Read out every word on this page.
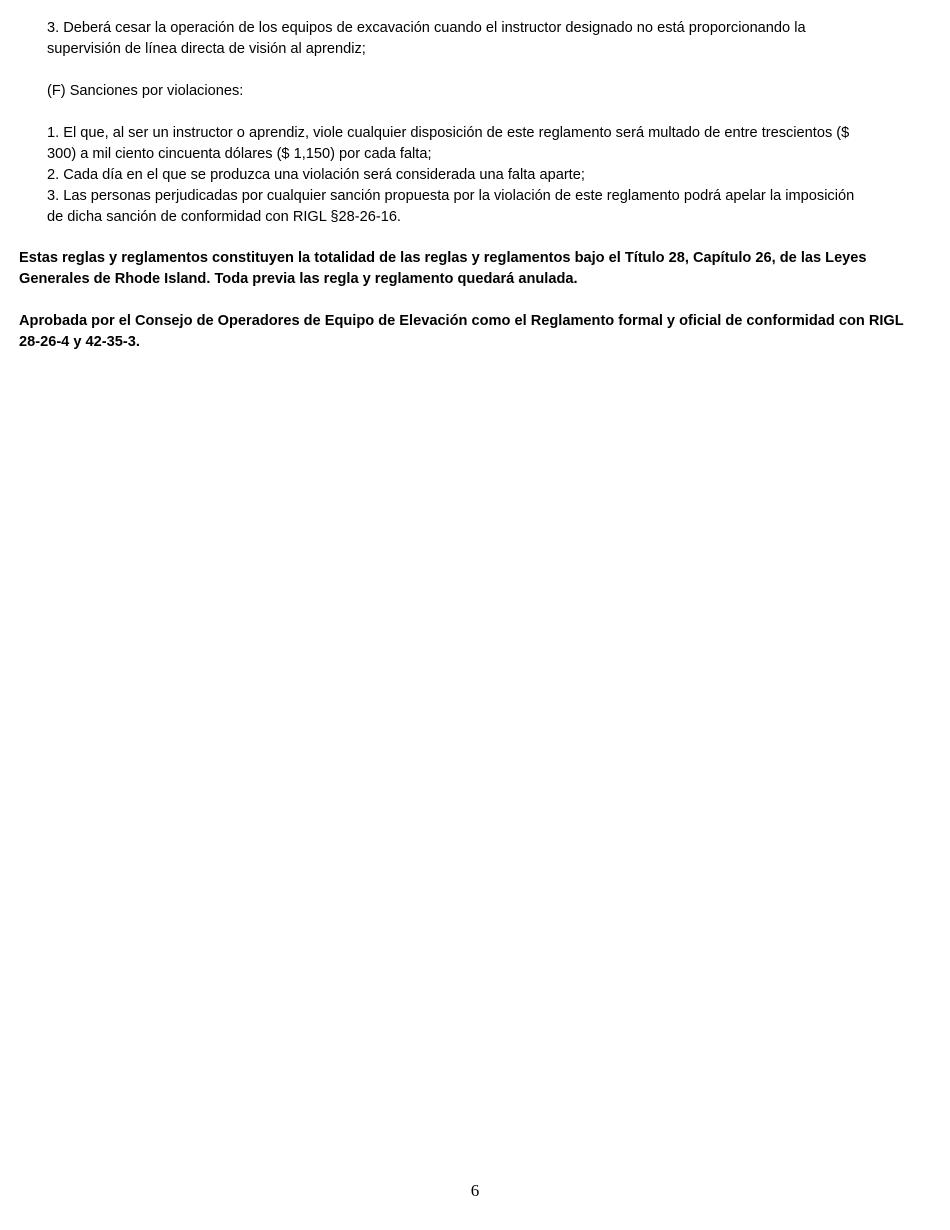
3. Deberá cesar la operación de los equipos de excavación cuando el instructor designado no está proporcionando la
supervisión de línea directa de visión al aprendiz;

(F) Sanciones por violaciones:

1. El que, al ser un instructor o aprendiz, viole cualquier disposición de este reglamento será multado de entre trescientos ($
300) a mil ciento cincuenta dólares ($ 1,150) por cada falta;

2. Cada día en el que se produzca una violación será considerada una falta aparte;

3. Las personas perjudicadas por cualquier sanción propuesta por la violación de este reglamento podrá apelar la imposición
de dicha sanción de conformidad con RIGL §28-26-16.

Estas reglas y reglamentos constituyen la totalidad de las reglas y reglamentos bajo el Título 28, Capítulo 26, de las Leyes
Generales de Rhode Island. Toda previa las regla y reglamento quedará anulada.

Aprobada por el Consejo de Operadores de Equipo de Elevación como el Reglamento formal y oficial de conformidad con RIGL
28-26-4 y 42-35-3.

6
